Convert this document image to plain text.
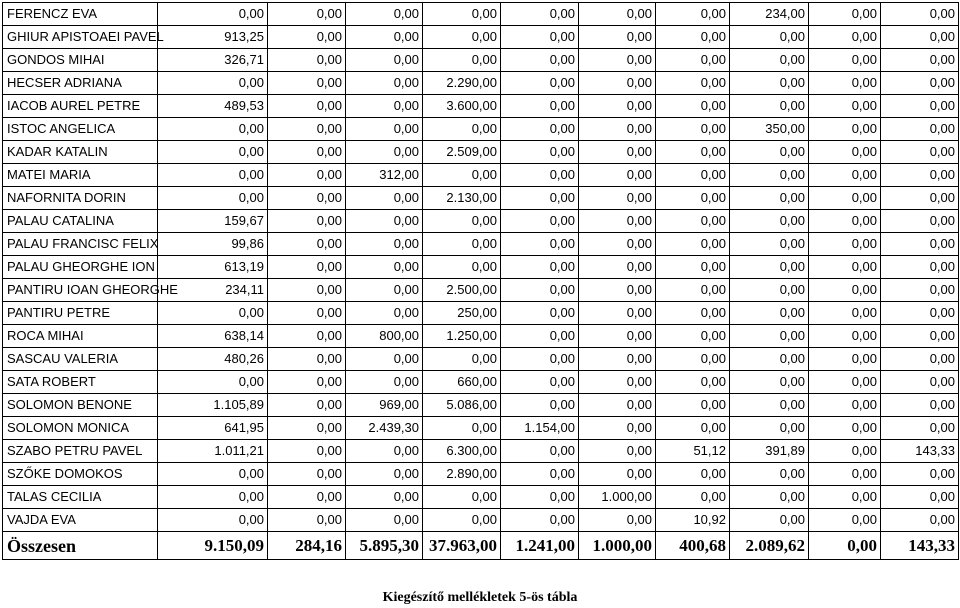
FERENCZ EVA	0,00	0,00	0,00	0,00	0,00	0,00	0,00	234,00	0,00	0,00
GHIUR APISTOAEI PAVEL	913,25	0,00	0,00	0,00	0,00	0,00	0,00	0,00	0,00	0,00
GONDOS MIHAI	326,71	0,00	0,00	0,00	0,00	0,00	0,00	0,00	0,00	0,00
HECSER ADRIANA	0,00	0,00	0,00	2.290,00	0,00	0,00	0,00	0,00	0,00	0,00
IACOB AUREL PETRE	489,53	0,00	0,00	3.600,00	0,00	0,00	0,00	0,00	0,00	0,00
ISTOC ANGELICA	0,00	0,00	0,00	0,00	0,00	0,00	0,00	350,00	0,00	0,00
KADAR KATALIN	0,00	0,00	0,00	2.509,00	0,00	0,00	0,00	0,00	0,00	0,00
MATEI MARIA	0,00	0,00	312,00	0,00	0,00	0,00	0,00	0,00	0,00	0,00
NAFORNITA DORIN	0,00	0,00	0,00	2.130,00	0,00	0,00	0,00	0,00	0,00	0,00
PALAU CATALINA	159,67	0,00	0,00	0,00	0,00	0,00	0,00	0,00	0,00	0,00
PALAU FRANCISC FELIX	99,86	0,00	0,00	0,00	0,00	0,00	0,00	0,00	0,00	0,00
PALAU GHEORGHE ION	613,19	0,00	0,00	0,00	0,00	0,00	0,00	0,00	0,00	0,00
PANTIRU IOAN GHEORGHE	234,11	0,00	0,00	2.500,00	0,00	0,00	0,00	0,00	0,00	0,00
PANTIRU PETRE	0,00	0,00	0,00	250,00	0,00	0,00	0,00	0,00	0,00	0,00
ROCA MIHAI	638,14	0,00	800,00	1.250,00	0,00	0,00	0,00	0,00	0,00	0,00
SASCAU VALERIA	480,26	0,00	0,00	0,00	0,00	0,00	0,00	0,00	0,00	0,00
SATA ROBERT	0,00	0,00	0,00	660,00	0,00	0,00	0,00	0,00	0,00	0,00
SOLOMON BENONE	1.105,89	0,00	969,00	5.086,00	0,00	0,00	0,00	0,00	0,00	0,00
SOLOMON MONICA	641,95	0,00	2.439,30	0,00	1.154,00	0,00	0,00	0,00	0,00	0,00
SZABO PETRU PAVEL	1.011,21	0,00	0,00	6.300,00	0,00	0,00	51,12	391,89	0,00	143,33
SZŐKE DOMOKOS	0,00	0,00	0,00	2.890,00	0,00	0,00	0,00	0,00	0,00	0,00
TALAS CECILIA	0,00	0,00	0,00	0,00	0,00	1.000,00	0,00	0,00	0,00	0,00
VAJDA EVA	0,00	0,00	0,00	0,00	0,00	0,00	10,92	0,00	0,00	0,00
Összesen	9.150,09	284,16	5.895,30	37.963,00	1.241,00	1.000,00	400,68	2.089,62	0,00	143,33
Kiegészítő mellékletek 5-ös tábla
